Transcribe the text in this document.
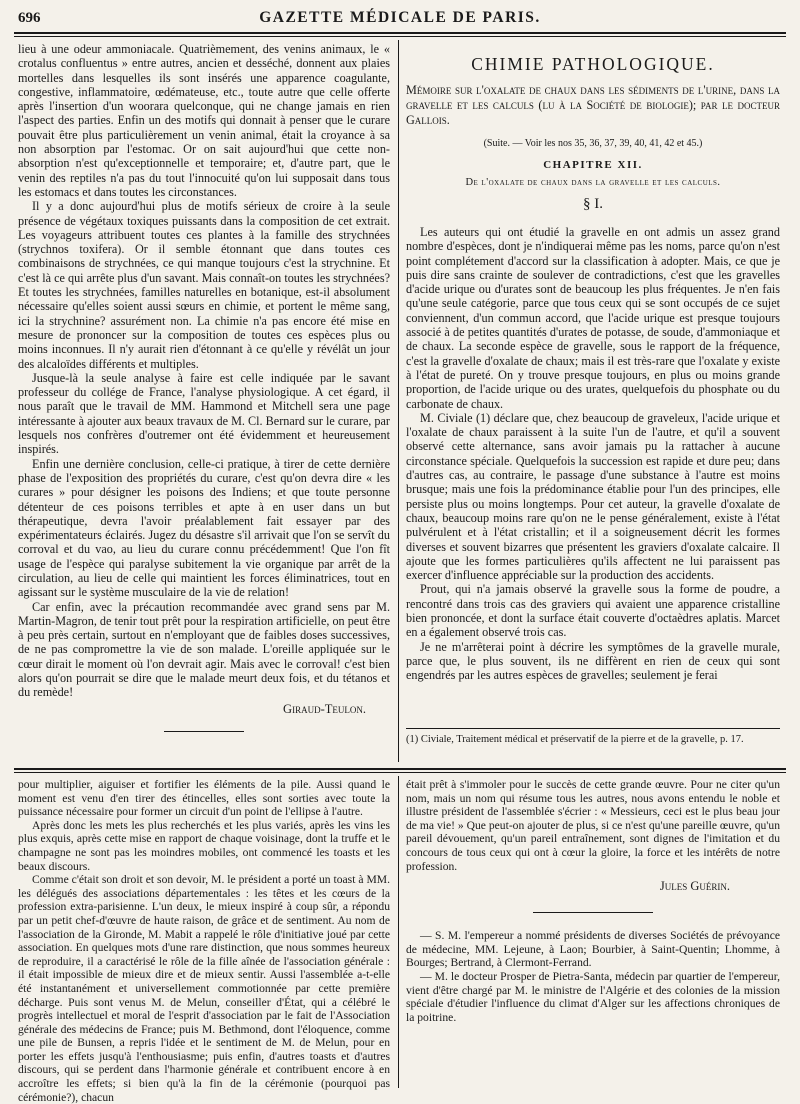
696	GAZETTE MÉDICALE DE PARIS.

lieu à une odeur ammoniacale. Quatrièmement, des venins animaux, le « crotalus confluentus » entre autres, ancien et desséché, donnent aux plaies mortelles dans lesquelles ils sont insérés une apparence coagulante, congestive, inflammatoire, œdémateuse, etc., toute autre que celle offerte après l'insertion d'un woorara quelconque, qui ne change jamais en rien l'aspect des parties. Enfin un des motifs qui donnait à penser que le curare pouvait être plus particulièrement un venin animal, était la croyance à sa non absorption par l'estomac. Or on sait aujourd'hui que cette non-absorption n'est qu'exceptionnelle et temporaire; et, d'autre part, que le venin des reptiles n'a pas du tout l'innocuité qu'on lui supposait dans tous les estomacs et dans toutes les circonstances.

Il y a donc aujourd'hui plus de motifs sérieux de croire à la seule présence de végétaux toxiques puissants dans la composition de cet extrait. Les voyageurs attribuent toutes ces plantes à la famille des strychnées (strychnos toxifera). Or il semble étonnant que dans toutes ces combinaisons de strychnées, ce qui manque toujours c'est la strychnine. Et c'est là ce qui arrête plus d'un savant. Mais connaît-on toutes les strychnées? Et toutes les strychnées, familles naturelles en botanique, est-il absolument nécessaire qu'elles soient aussi sœurs en chimie, et portent le même sang, ici la strychnine? assurément non. La chimie n'a pas encore été mise en mesure de prononcer sur la composition de toutes ces espèces plus ou moins inconnues. Il n'y aurait rien d'étonnant à ce qu'elle y révélât un jour des alcaloïdes différents et multiples.

Jusque-là la seule analyse à faire est celle indiquée par le savant professeur du collége de France, l'analyse physiologique. A cet égard, il nous paraît que le travail de MM. Hammond et Mitchell sera une page intéressante à ajouter aux beaux travaux de M. Cl. Bernard sur le curare, par lesquels nos confrères d'outremer ont été évidemment et heureusement inspirés.

Enfin une dernière conclusion, celle-ci pratique, à tirer de cette dernière phase de l'exposition des propriétés du curare, c'est qu'on devra dire « les curares » pour désigner les poisons des Indiens; et que toute personne détenteur de ces poisons terribles et apte à en user dans un but thérapeutique, devra l'avoir préalablement fait essayer par des expérimentateurs éclairés. Jugez du désastre s'il arrivait que l'on se servît du corroval et du vao, au lieu du curare connu précédemment! Que l'on fît usage de l'espèce qui paralyse subitement la vie organique par arrêt de la circulation, au lieu de celle qui maintient les forces éliminatrices, tout en agissant sur le système musculaire de la vie de relation!

Car enfin, avec la précaution recommandée avec grand sens par M. Martin-Magron, de tenir tout prêt pour la respiration artificielle, on peut être à peu près certain, surtout en n'employant que de faibles doses successives, de ne pas compromettre la vie de son malade. L'oreille appliquée sur le cœur dirait le moment où l'on devrait agir. Mais avec le corroval! c'est bien alors qu'on pourrait se dire que le malade meurt deux fois, et du tétanos et du remède!

Giraud-Teulon.
CHIMIE PATHOLOGIQUE.
Mémoire sur l'oxalate de chaux dans les sédiments de l'urine, dans la gravelle et les calculs (lu à la Société de biologie); par le docteur Gallois.
(Suite. — Voir les nos 35, 36, 37, 39, 40, 41, 42 et 45.)
CHAPITRE XII.
De l'oxalate de chaux dans la gravelle et les calculs.
§ I.

Les auteurs qui ont étudié la gravelle en ont admis un assez grand nombre d'espèces, dont je n'indiquerai même pas les noms, parce qu'on n'est point complétement d'accord sur la classification à adopter. Mais, ce que je puis dire sans crainte de soulever de contradictions, c'est que les gravelles d'acide urique ou d'urates sont de beaucoup les plus fréquentes. Je n'en fais qu'une seule catégorie, parce que tous ceux qui se sont occupés de ce sujet conviennent, d'un commun accord, que l'acide urique est presque toujours associé à de petites quantités d'urates de potasse, de soude, d'ammoniaque et de chaux. La seconde espèce de gravelle, sous le rapport de la fréquence, c'est la gravelle d'oxalate de chaux; mais il est très-rare que l'oxalate y existe à l'état de pureté. On y trouve presque toujours, en plus ou moins grande proportion, de l'acide urique ou des urates, quelquefois du phosphate ou du carbonate de chaux.

M. Civiale (1) déclare que, chez beaucoup de graveleux, l'acide urique et l'oxalate de chaux paraissent à la suite l'un de l'autre, et qu'il a souvent observé cette alternance, sans avoir jamais pu la rattacher à aucune circonstance spéciale. Quelquefois la succession est rapide et dure peu; dans d'autres cas, au contraire, le passage d'une substance à l'autre est moins brusque; mais une fois la prédominance établie pour l'un des principes, elle persiste plus ou moins longtemps. Pour cet auteur, la gravelle d'oxalate de chaux, beaucoup moins rare qu'on ne le pense généralement, existe à l'état pulvérulent et à l'état cristallin; et il a soigneusement décrit les formes diverses et souvent bizarres que présentent les graviers d'oxalate calcaire. Il ajoute que les formes particulières qu'ils affectent ne lui paraissent pas exercer d'influence appréciable sur la production des accidents.

Prout, qui n'a jamais observé la gravelle sous la forme de poudre, a rencontré dans trois cas des graviers qui avaient une apparence cristalline bien prononcée, et dont la surface était couverte d'octaèdres aplatis. Marcet en a également observé trois cas.

Je ne m'arrêterai point à décrire les symptômes de la gravelle murale, parce que, le plus souvent, ils ne diffèrent en rien de ceux qui sont engendrés par les autres espèces de gravelles; seulement je ferai

(1) Civiale, Traitement médical et préservatif de la pierre et de la gravelle, p. 17.

pour multiplier, aiguiser et fortifier les éléments de la pile. Aussi quand le moment est venu d'en tirer des étincelles, elles sont sorties avec toute la puissance nécessaire pour former un circuit d'un point de l'ellipse à l'autre.

Après donc les mets les plus recherchés et les plus variés, après les vins les plus exquis, après cette mise en rapport de chaque voisinage, dont la truffe et le champagne ne sont pas les moindres mobiles, ont commencé les toasts et les beaux discours.

Comme c'était son droit et son devoir, M. le président a porté un toast à MM. les délégués des associations départementales : les têtes et les cœurs de la profession extra-parisienne. L'un deux, le mieux inspiré à coup sûr, a répondu par un petit chef-d'œuvre de haute raison, de grâce et de sentiment. Au nom de l'association de la Gironde, M. Mabit a rappelé le rôle d'initiative joué par cette association. En quelques mots d'une rare distinction, que nous sommes heureux de reproduire, il a caractérisé le rôle de la fille aînée de l'association générale : il était impossible de mieux dire et de mieux sentir. Aussi l'assemblée a-t-elle été instantanément et universellement commotionnée par cette première décharge. Puis sont venus M. de Melun, conseiller d'État, qui a célébré le progrès intellectuel et moral de l'esprit d'association par le fait de l'Association générale des médecins de France; puis M. Bethmond, dont l'éloquence, comme une pile de Bunsen, a repris l'idée et le sentiment de M. de Melun, pour en porter les effets jusqu'à l'enthousiasme; puis enfin, d'autres toasts et d'autres discours, qui se perdent dans l'harmonie générale et contribuent encore à en accroître les effets; si bien qu'à la fin de la cérémonie (pourquoi pas cérémonie?), chacun

était prêt à s'immoler pour le succès de cette grande œuvre. Pour ne citer qu'un nom, mais un nom qui résume tous les autres, nous avons entendu le noble et illustre président de l'assemblée s'écrier : « Messieurs, ceci est le plus beau jour de ma vie! » Que peut-on ajouter de plus, si ce n'est qu'une pareille œuvre, qu'un pareil dévouement, qu'un pareil entraînement, sont dignes de l'imitation et du concours de tous ceux qui ont à cœur la gloire, la force et les intérêts de notre profession.

Jules Guérin.

— S. M. l'empereur a nommé présidents de diverses Sociétés de prévoyance de médecine, MM. Lejeune, à Laon; Bourbier, à Saint-Quentin; Lhomme, à Bourges; Bertrand, à Clermont-Ferrand.

— M. le docteur Prosper de Pietra-Santa, médecin par quartier de l'empereur, vient d'être chargé par M. le ministre de l'Algérie et des colonies de la mission spéciale d'étudier l'influence du climat d'Alger sur les affections chroniques de la poitrine.
